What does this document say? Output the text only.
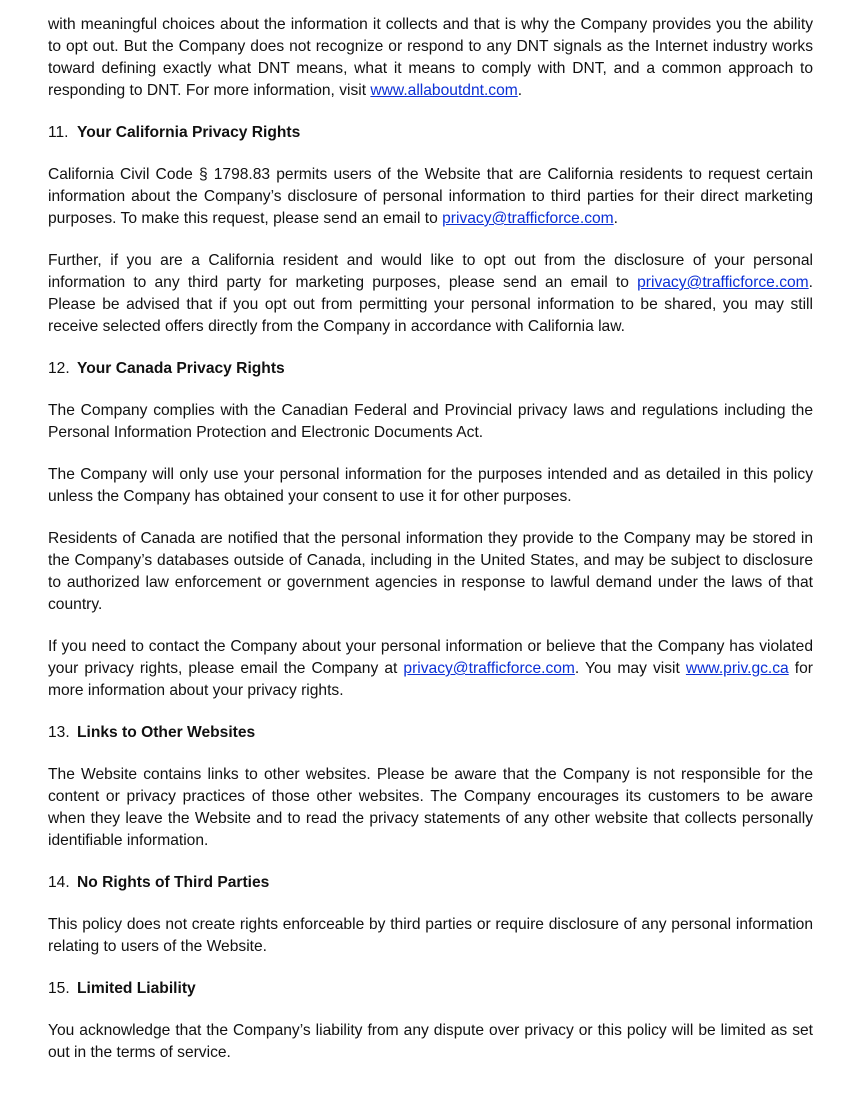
with meaningful choices about the information it collects and that is why the Company provides you the ability to opt out. But the Company does not recognize or respond to any DNT signals as the Internet industry works toward defining exactly what DNT means, what it means to comply with DNT, and a common approach to responding to DNT. For more information, visit www.allaboutdnt.com.

11. Your California Privacy Rights

California Civil Code § 1798.83 permits users of the Website that are California residents to request certain information about the Company’s disclosure of personal information to third parties for their direct marketing purposes. To make this request, please send an email to privacy@trafficforce.com.

Further, if you are a California resident and would like to opt out from the disclosure of your personal information to any third party for marketing purposes, please send an email to privacy@trafficforce.com. Please be advised that if you opt out from permitting your personal information to be shared, you may still receive selected offers directly from the Company in accordance with California law.

12. Your Canada Privacy Rights

The Company complies with the Canadian Federal and Provincial privacy laws and regulations including the Personal Information Protection and Electronic Documents Act.

The Company will only use your personal information for the purposes intended and as detailed in this policy unless the Company has obtained your consent to use it for other purposes.

Residents of Canada are notified that the personal information they provide to the Company may be stored in the Company’s databases outside of Canada, including in the United States, and may be subject to disclosure to authorized law enforcement or government agencies in response to lawful demand under the laws of that country.

If you need to contact the Company about your personal information or believe that the Company has violated your privacy rights, please email the Company at privacy@trafficforce.com. You may visit www.priv.gc.ca for more information about your privacy rights.

13. Links to Other Websites

The Website contains links to other websites. Please be aware that the Company is not responsible for the content or privacy practices of those other websites. The Company encourages its customers to be aware when they leave the Website and to read the privacy statements of any other website that collects personally identifiable information.

14. No Rights of Third Parties

This policy does not create rights enforceable by third parties or require disclosure of any personal information relating to users of the Website.

15. Limited Liability

You acknowledge that the Company’s liability from any dispute over privacy or this policy will be limited as set out in the terms of service.
